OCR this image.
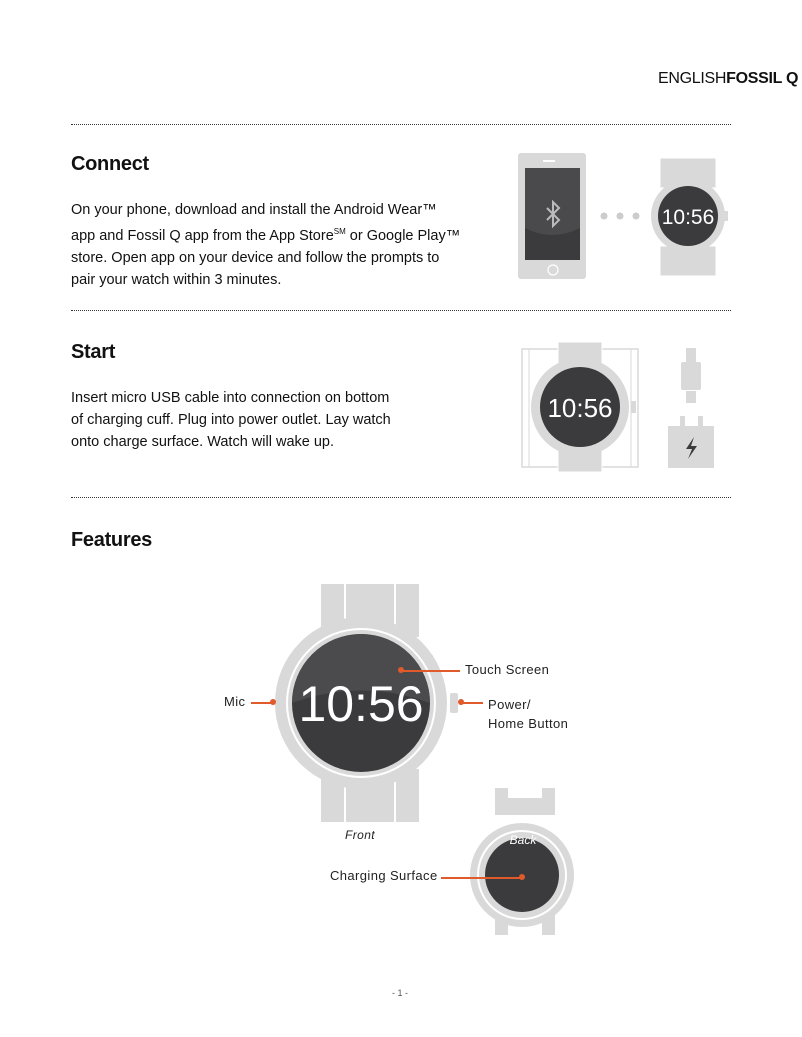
ENGLISHFOSSIL Q
Connect
On your phone, download and install the Android Wear™
app and Fossil Q app from the App Store℠ or Google Play™
store. Open app on your device and follow the prompts to
pair your watch within 3 minutes.
10:56
Start
Insert micro USB cable into connection on bottom
of charging cuff. Plug into power outlet. Lay watch
onto charge surface. Watch will wake up.
10:56
Features
10:56
Touch Screen
Mic	Power/
Home Button
Front	Back
Charging Surface
- 1 -
